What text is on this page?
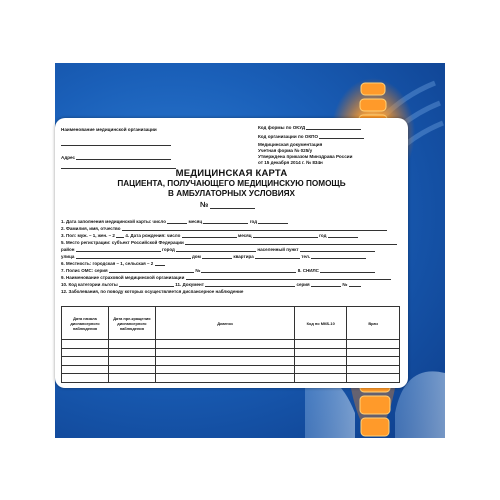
Наименование медицинской организации
Адрес
Код формы по ОКУД
Код организации по ОКПО
Медицинская документация
Учетная форма № 025/у
Утверждена приказом Минздрава России
от 15 декабря 2014 г. № 834н
МЕДИЦИНСКАЯ КАРТА
ПАЦИЕНТА, ПОЛУЧАЮЩЕГО МЕДИЦИНСКУЮ ПОМОЩЬ
В АМБУЛАТОРНЫХ УСЛОВИЯХ
№
1. Дата заполнения медицинской карты: число	месяц	год
2. Фамилия, имя, отчество
3. Пол: муж. – 1, жен. – 2 4. Дата рождения: число	месяц	год
5. Место регистрации: субъект Российской Федерации
район	город	населенный пункт
улица	дом	квартира	тел.
6. Местность: городская – 1, сельская – 2
7. Полис ОМС: серия	№	8. СНИЛС
9. Наименование страховой медицинской организации
10. Код категории льготы	11. Документ	серия	№
12. Заболевания, по поводу которых осуществляется диспансерное наблюдение
Дата начала диспансерного наблюдения	Дата пре-кращения диспансерного наблюдения	Диагноз	Код по МКБ-10	Врач
